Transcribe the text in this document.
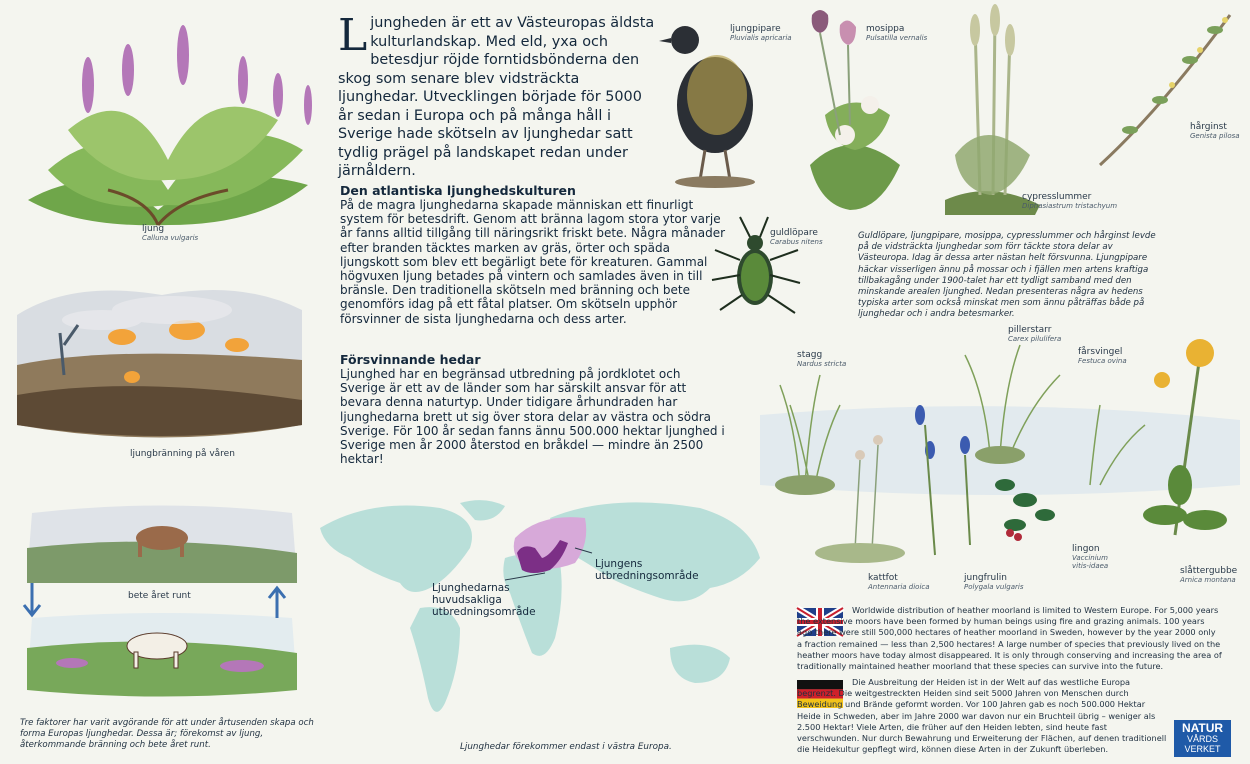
ljung
Calluna vulgaris
ljungbränning på våren
bete året runt
Tre faktorer har varit avgörande för att under årtusenden skapa och forma Europas ljunghedar. Dessa är; förekomst av ljung, återkommande bränning och bete året runt.
Ljungheden är ett av Västeuropas äldsta kulturlandskap. Med eld, yxa och betesdjur röjde forntidsbönderna den skog som senare blev vidsträckta ljunghedar. Utvecklingen började för 5000 år sedan i Europa och på många håll i Sverige hade skötseln av ljunghedar satt tydlig prägel på landskapet redan under järnåldern.
Den atlantiska ljunghedskulturen
På de magra ljunghedarna skapade människan ett finurligt system för betesdrift. Genom att bränna lagom stora ytor varje år fanns alltid tillgång till näringsrikt friskt bete. Några månader efter branden täcktes marken av gräs, örter och späda ljungskott som blev ett begärligt bete för kreaturen. Gammal högvuxen ljung betades på vintern och samlades även in till bränsle. Den traditionella skötseln med bränning och bete genomförs idag på ett fåtal platser. Om skötseln upphör försvinner de sista ljunghedarna och dess arter.
Försvinnande hedar
Ljunghed har en begränsad utbredning på jordklotet och Sverige är ett av de länder som har särskilt ansvar för att bevara denna naturtyp. Under tidigare århundraden har ljunghedarna brett ut sig över stora delar av västra och södra Sverige. För 100 år sedan fanns ännu 500.000 hektar ljunghed i Sverige men år 2000 återstod en bråkdel — mindre än 2500 hektar!
Ljunghedarnas huvudsakliga utbredningsområde
Ljungens utbredningsområde
Ljunghedar förekommer endast i västra Europa.
ljungpipare
Pluvialis apricaria
mosippa
Pulsatilla vernalis
cypresslummer
Diphasiastrum tristachyum
hårginst
Genista pilosa
guldlöpare
Carabus nitens
Guldlöpare, ljungpipare, mosippa, cypresslummer och hårginst levde på de vidsträckta ljunghedar som förr täckte stora delar av Västeuropa. Idag är dessa arter nästan helt försvunna. Ljungpipare häckar visserligen ännu på mossar och i fjällen men artens kraftiga tillbakagång under 1900-talet har ett tydligt samband med den minskande arealen ljunghed. Nedan presenteras några av hedens typiska arter som också minskat men som ännu påträffas både på ljunghedar och i andra betesmarker.
stagg
Nardus stricta
pillerstarr
Carex pilulifera
fårsvingel
Festuca ovina
lingon
Vaccinium vitis-idaea
kattfot
Antennaria dioica
jungfrulin
Polygala vulgaris
slåttergubbe
Arnica montana
Worldwide distribution of heather moorland is limited to Western Europe. For 5,000 years the extensive moors have been formed by human beings using fire and grazing animals. 100 years ago there were still 500,000 hectares of heather moorland in Sweden, however by the year 2000 only a fraction remained — less than 2,500 hectares! A large number of species that previously lived on the heather moors have today almost disappeared. It is only through conserving and increasing the area of traditionally maintained heather moorland that these species can survive into the future.
Die Ausbreitung der Heiden ist in der Welt auf das westliche Europa begrenzt. Die weitgestreckten Heiden sind seit 5000 Jahren von Menschen durch Beweidung und Brände geformt worden. Vor 100 Jahren gab es noch 500.000 Hektar Heide in Schweden, aber im Jahre 2000 war davon nur ein Bruchteil übrig – weniger als 2.500 Hektar! Viele Arten, die früher auf den Heiden lebten, sind heute fast verschwunden. Nur durch Bewahrung und Erweiterung der Flächen, auf denen traditionell die Heidekultur gepflegt wird, können diese Arten in der Zukunft überleben.
NATUR
VÅRDS
VERKET
